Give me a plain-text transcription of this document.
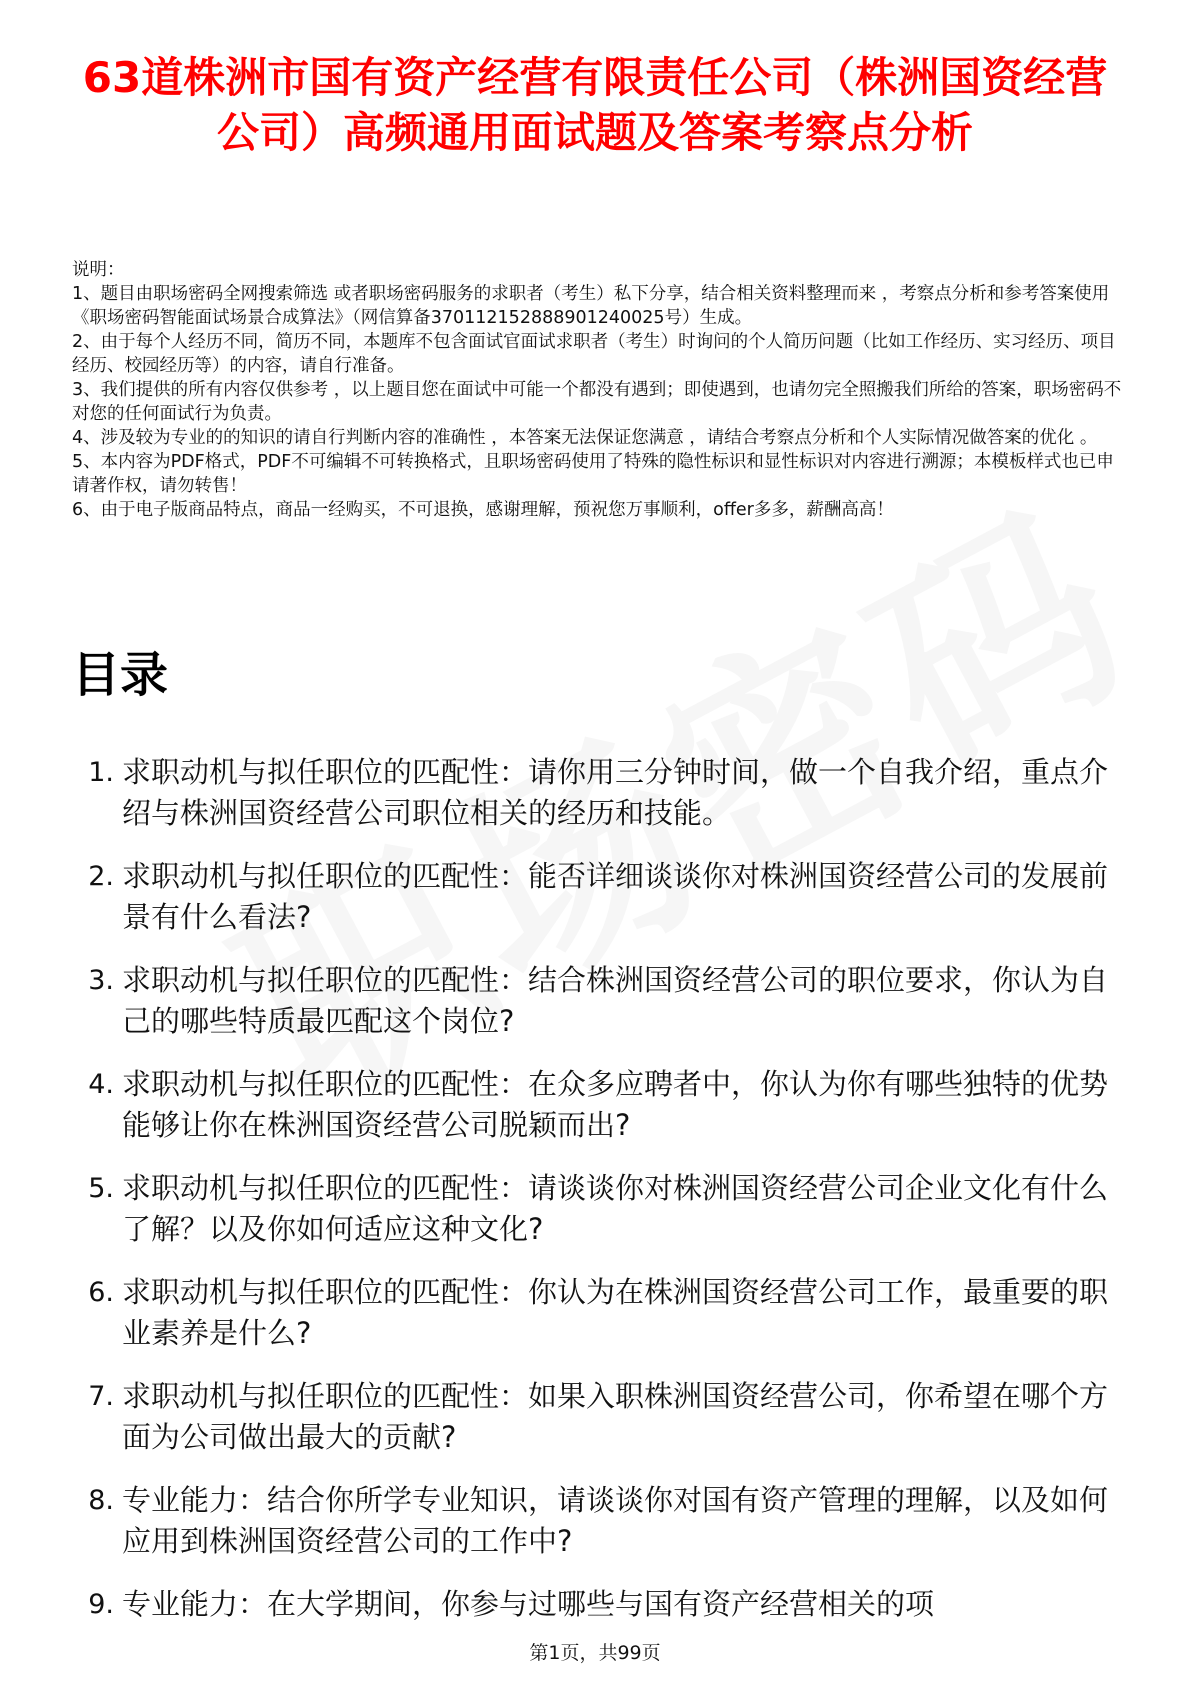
63道株洲市国有资产经营有限责任公司（株洲国资经营公司）高频通用面试题及答案考察点分析

说明：

1、题目由职场密码全网搜索筛选 或者职场密码服务的求职者（考生）私下分享，结合相关资料整理而来 ，考察点分析和参考答案使用《职场密码智能面试场景合成算法》（网信算备370112152888901240025号）生成。

2、由于每个人经历不同，简历不同，本题库不包含面试官面试求职者（考生）时询问的个人简历问题（比如工作经历、实习经历、项目经历、校园经历等）的内容，请自行准备。

3、我们提供的所有内容仅供参考 ，以上题目您在面试中可能一个都没有遇到；即使遇到，也请勿完全照搬我们所给的答案，职场密码不对您的任何面试行为负责。

4、涉及较为专业的的知识的请自行判断内容的准确性 ，本答案无法保证您满意 ，请结合考察点分析和个人实际情况做答案的优化 。

5、本内容为PDF格式，PDF不可编辑不可转换格式，且职场密码使用了特殊的隐性标识和显性标识对内容进行溯源；本模板样式也已申请著作权，请勿转售！

6、由于电子版商品特点，商品一经购买，不可退换，感谢理解，预祝您万事顺利，offer多多，薪酬高高！

目录
1. 求职动机与拟任职位的匹配性：请你用三分钟时间，做一个自我介绍，重点介绍与株洲国资经营公司职位相关的经历和技能。
2. 求职动机与拟任职位的匹配性：能否详细谈谈你对株洲国资经营公司的发展前景有什么看法?
3. 求职动机与拟任职位的匹配性：结合株洲国资经营公司的职位要求，你认为自己的哪些特质最匹配这个岗位?
4. 求职动机与拟任职位的匹配性：在众多应聘者中，你认为你有哪些独特的优势能够让你在株洲国资经营公司脱颖而出?
5. 求职动机与拟任职位的匹配性：请谈谈你对株洲国资经营公司企业文化有什么了解？以及你如何适应这种文化?
6. 求职动机与拟任职位的匹配性：你认为在株洲国资经营公司工作，最重要的职业素养是什么?
7. 求职动机与拟任职位的匹配性：如果入职株洲国资经营公司，你希望在哪个方面为公司做出最大的贡献?
8. 专业能力：结合你所学专业知识，请谈谈你对国有资产管理的理解，以及如何应用到株洲国资经营公司的工作中?
9. 专业能力：在大学期间，你参与过哪些与国有资产经营相关的项
第1页，共99页
